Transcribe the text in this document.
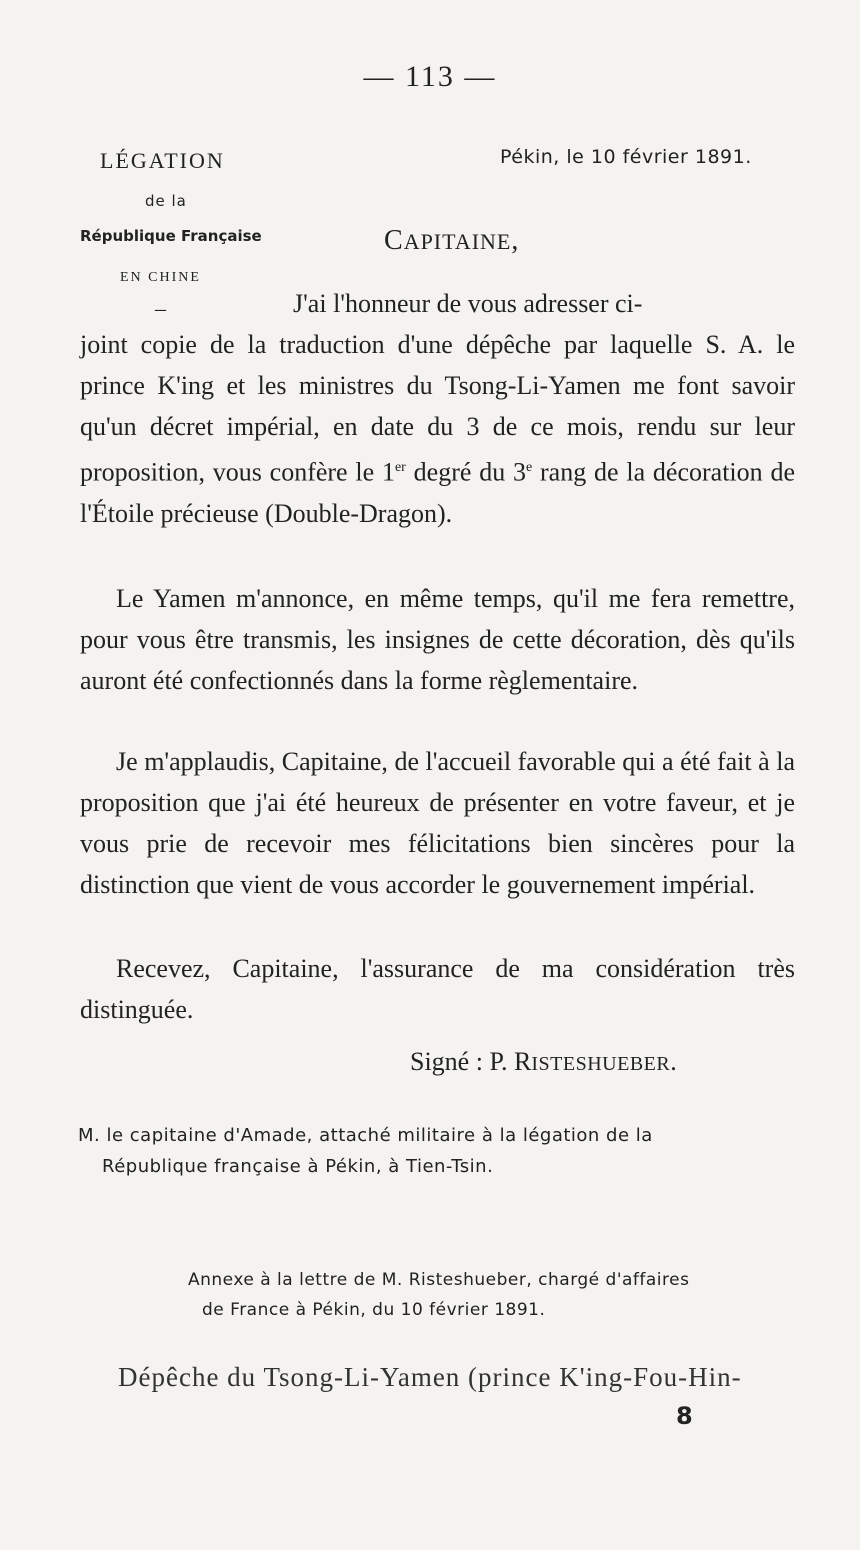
— 113 —
LÉGATION
de la
République Française
EN CHINE
_
Pékin, le 10 février 1891.
CAPITAINE,
J'ai l'honneur de vous adresser ci-
joint copie de la traduction d'une dépêche par laquelle S. A. le prince K'ing et les ministres du Tsong-Li-Yamen me font savoir qu'un décret impérial, en date du 3 de ce mois, rendu sur leur proposition, vous confère le 1er degré du 3e rang de la décoration de l'Étoile précieuse (Double-Dragon).
Le Yamen m'annonce, en même temps, qu'il me fera remettre, pour vous être transmis, les insignes de cette décoration, dès qu'ils auront été confectionnés dans la forme règlementaire.
Je m'applaudis, Capitaine, de l'accueil favorable qui a été fait à la proposition que j'ai été heureux de présenter en votre faveur, et je vous prie de recevoir mes félicitations bien sincères pour la distinction que vient de vous accorder le gouvernement impérial.
Recevez, Capitaine, l'assurance de ma considération très distinguée.
Signé : P. RISTESHUEBER.
M. le capitaine d'Amade, attaché militaire à la légation de la
République française à Pékin, à Tien-Tsin.
Annexe à la lettre de M. Risteshueber, chargé d'affaires
de France à Pékin, du 10 février 1891.
Dépêche du Tsong-Li-Yamen (prince K'ing-Fou-Hin-
8
